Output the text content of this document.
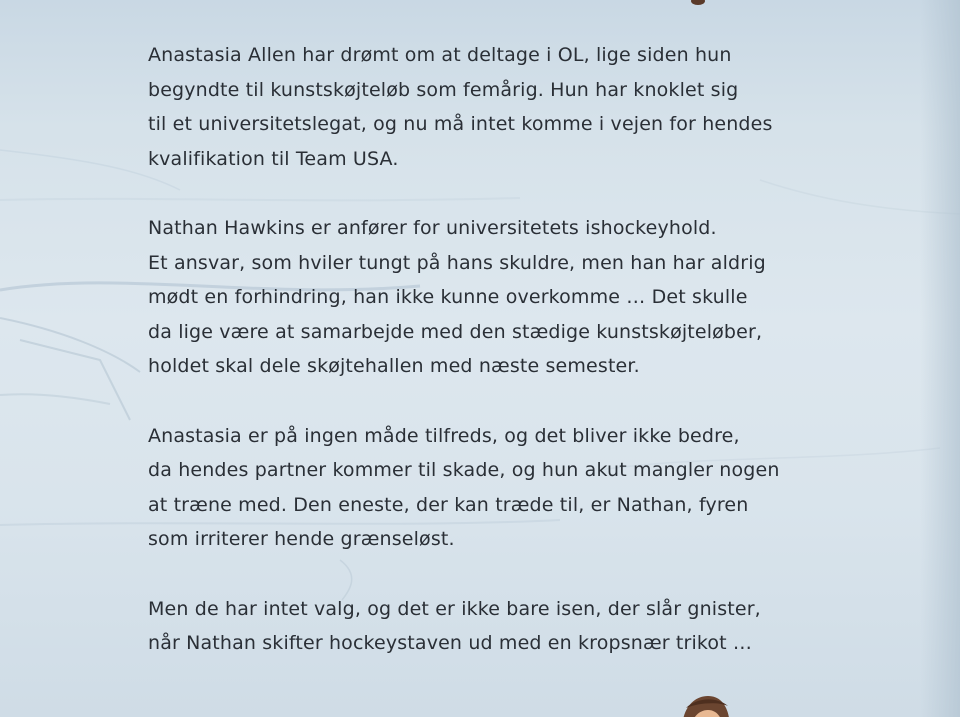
Anastasia Allen har drømt om at deltage i OL, lige siden hun
begyndte til kunstskøjteløb som femårig. Hun har knoklet sig
til et universitetslegat, og nu må intet komme i vejen for hendes
kvalifikation til Team USA.

Nathan Hawkins er anfører for universitetets ishockeyhold.
Et ansvar, som hviler tungt på hans skuldre, men han har aldrig
mødt en forhindring, han ikke kunne overkomme … Det skulle
da lige være at samarbejde med den stædige kunstskøjteløber,
holdet skal dele skøjtehallen med næste semester.

Anastasia er på ingen måde tilfreds, og det bliver ikke bedre,
da hendes partner kommer til skade, og hun akut mangler nogen
at træne med. Den eneste, der kan træde til, er Nathan, fyren
som irriterer hende grænseløst.

Men de har intet valg, og det er ikke bare isen, der slår gnister,
når Nathan skifter hockeystaven ud med en kropsnær trikot …
